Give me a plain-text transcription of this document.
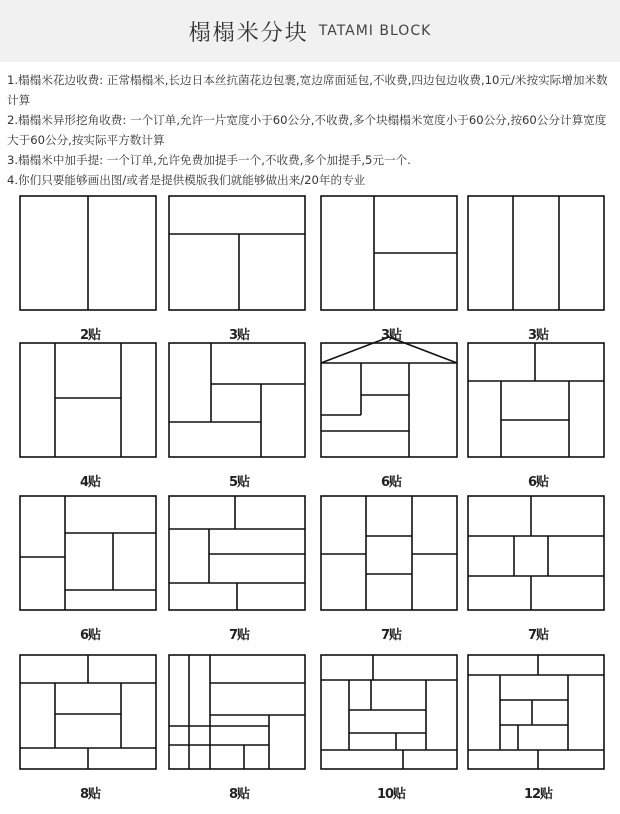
榻榻米分块 TATAMI BLOCK
1.榻榻米花边收费: 正常榻榻米,长边日本丝抗菌花边包裹,宽边席面延包,不收费,四边包边收费,10元/米按实际增加米数计算
2.榻榻米异形挖角收费: 一个订单,允许一片宽度小于60公分,不收费,多个块榻榻米宽度小于60公分,按60公分计算宽度大于60公分,按实际平方数计算
3.榻榻米中加手提: 一个订单,允许免费加提手一个,不收费,多个加提手,5元一个.
4.你们只要能够画出图/或者是提供模版我们就能够做出来/20年的专业
2贴	3贴	3贴	3贴
4贴	5贴	6贴	6贴
6贴	7贴	7贴	7贴
8贴	8贴	10贴	12贴
